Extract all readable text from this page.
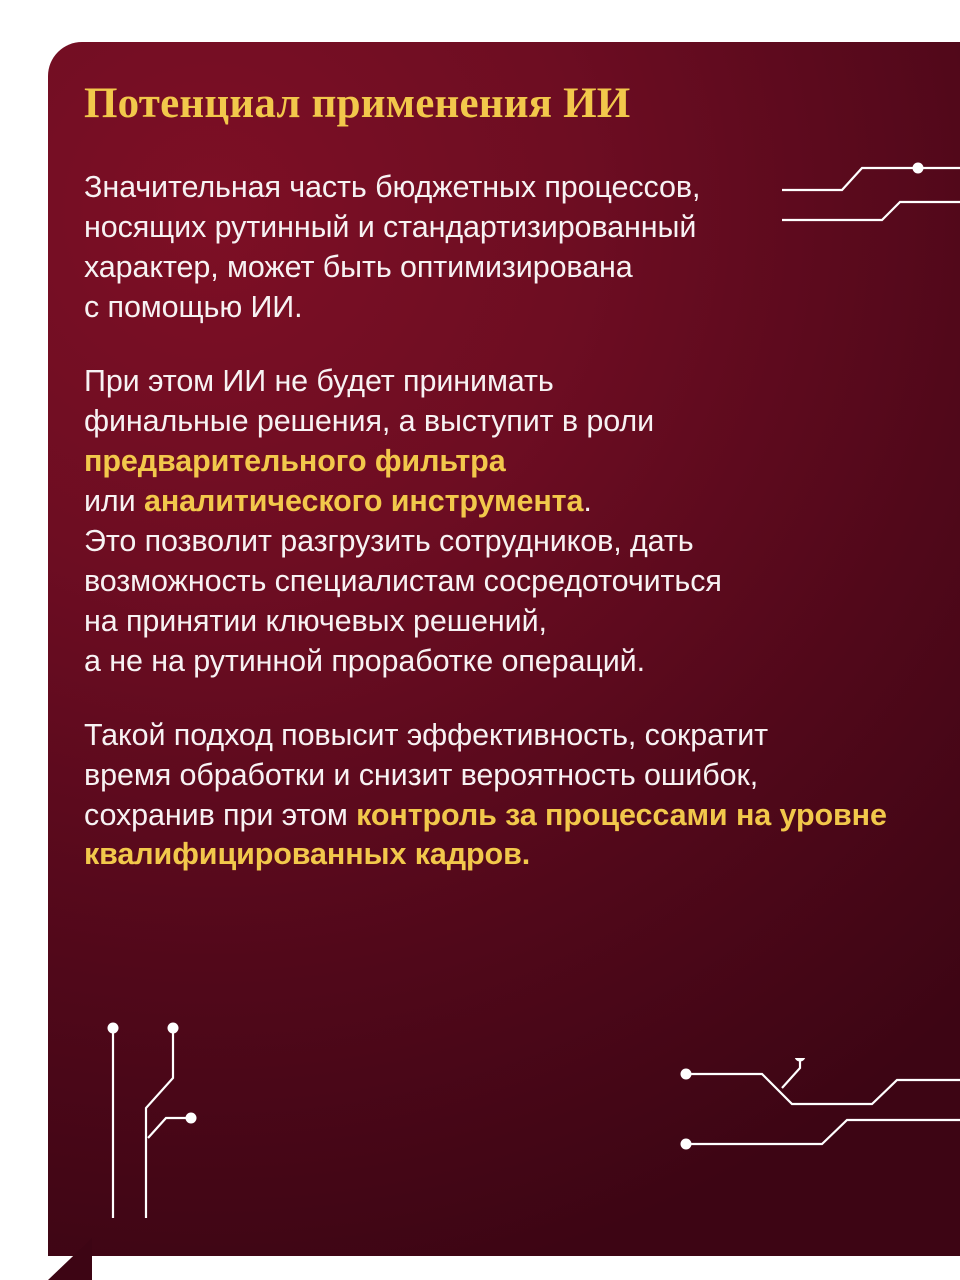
Потенциал применения ИИ

Значительная часть бюджетных процессов,
носящих рутинный и стандартизированный
характер, может быть оптимизирована
с помощью ИИ.

При этом ИИ не будет принимать
финальные решения, а выступит в роли
предварительного фильтра
или аналитического инструмента.
Это позволит разгрузить сотрудников, дать
возможность специалистам сосредоточиться
на принятии ключевых решений,
а не на рутинной проработке операций.

Такой подход повысит эффективность, сократит
время обработки и снизит вероятность ошибок,
сохранив при этом контроль за процессами на уровне квалифицированных кадров.
